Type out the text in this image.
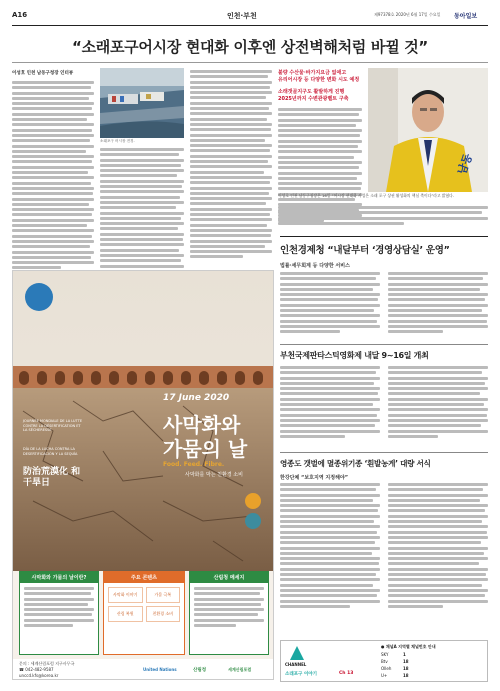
A16	인천·부천	제97378호 2020년 6월 17일 수요일 동아일보
“소래포구어시장 현대화 이후엔 상전벽해처럼 바뀔 것”
이성호 인천 남동구청장 인터뷰
소래포구 어시장 전경.
불량 수산물·바가지요금 없애고
유리어시장 등 다양한 변화 시도 예정
소래갯골지구도 활발하게 진행
2025년까지 수변관광벨트 구축
남동
이성호 인천 남동구청장은 16일 “어시장 현대화 사업은 소래 포구 상권 활성화의 핵심 축이다”라고 밝혔다.
17 June 2020
사막화와
가뭄의 날
Food. Feed. Fibre.
사막화를 막는 친환경 소비
JOURNÉE MONDIALE DE LA LUTTE CONTRE LA DÉSERTIFICATION ET LA SÉCHERESSE
DÍA DE LA LUCHA CONTRA LA DESERTIFICACIÓN Y LA SEQUÍA
防治荒漠化 和干旱日
사막화와 가뭄의 날이란?	주요 콘텐츠
사막화 이야기	가뭄 극복
산림 복원	친환경 소비
산림청 메세지
문의 : 세계산림포럼 지구사무국
☎ 042-482-9587
unccd.kfs@korea.kr
United Nations	산림청	세계산림포럼
인천경제청 “내달부터 ‘경영상담실’ 운영”
법률·세무회계 등 다양한 서비스
부천국제판타스틱영화제 내달 9∼16일 개최
영종도 갯벌에 멸종위기종 ‘흰발농게’ 대량 서식
한강단체 “보호지역 지정해야”
CHANNEL
소래포구 이야기	Ch 13
● 채널A 지역별 채널번호 안내
SKY	1
Btv	18
Olleh	18
U+	18
